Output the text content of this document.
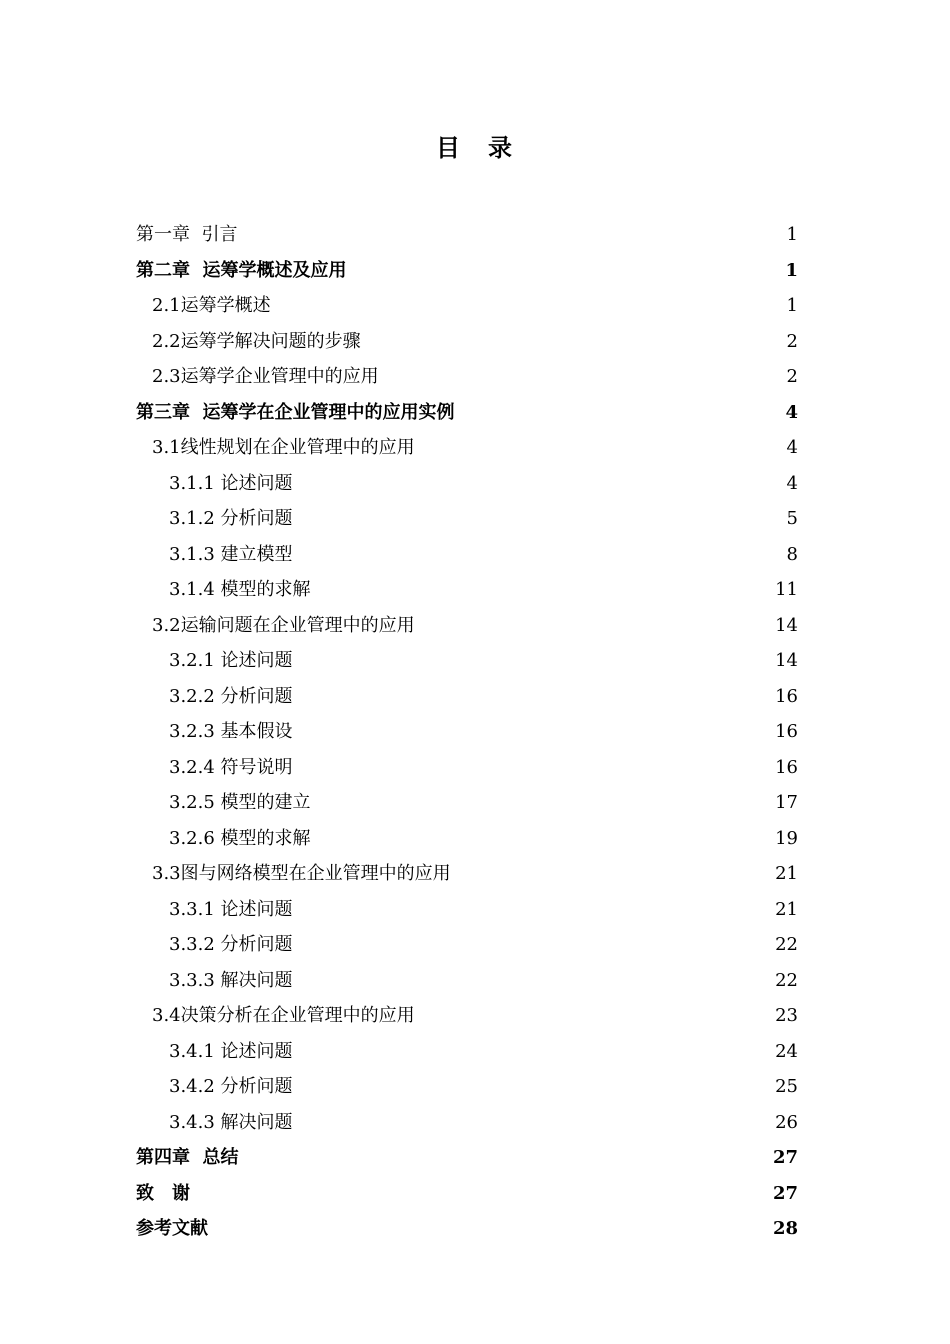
目　录
第一章  引言	1
第二章  运筹学概述及应用	1
2.1运筹学概述	1
2.2运筹学解决问题的步骤	2
2.3运筹学企业管理中的应用	2
第三章  运筹学在企业管理中的应用实例	4
3.1线性规划在企业管理中的应用	4
3.1.1 论述问题	4
3.1.2 分析问题	5
3.1.3 建立模型	8
3.1.4 模型的求解	11
3.2运输问题在企业管理中的应用	14
3.2.1 论述问题	14
3.2.2 分析问题	16
3.2.3 基本假设	16
3.2.4 符号说明	16
3.2.5 模型的建立	17
3.2.6 模型的求解	19
3.3图与网络模型在企业管理中的应用	21
3.3.1 论述问题	21
3.3.2 分析问题	22
3.3.3 解决问题	22
3.4决策分析在企业管理中的应用	23
3.4.1 论述问题	24
3.4.2 分析问题	25
3.4.3 解决问题	26
第四章  总结	27
致　谢	27
参考文献	28
